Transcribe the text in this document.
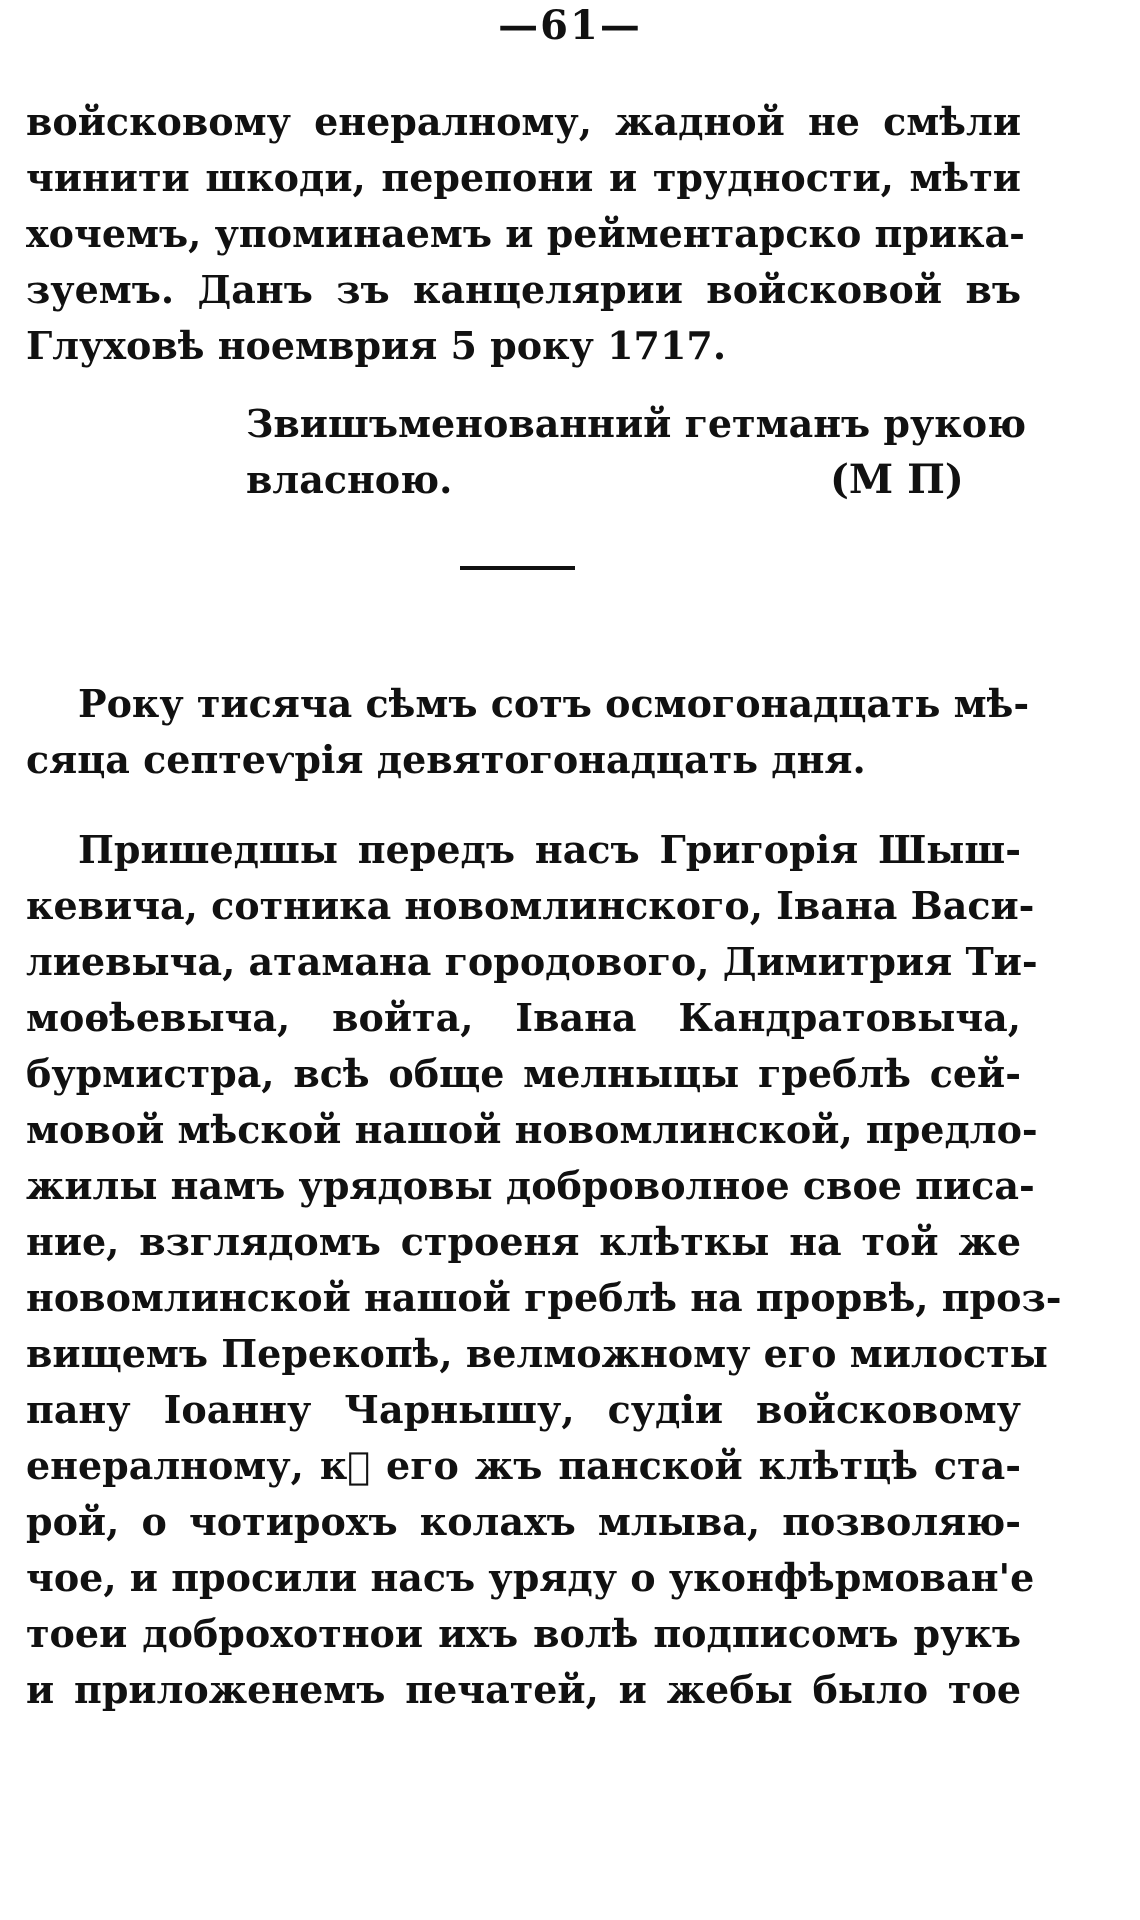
—61—

войсковому енералному, жадной не смѣли

чинити шкоди, перепони и трудности, мѣти

хочемъ, упоминаемъ и рейментарско прика-

зуемъ. Данъ зъ канцелярии войсковой въ

Глуховѣ ноемврия 5 року 1717.

Звишъменованний гетманъ рукою

власною.	(М П)

Року тисяча сѣмъ сотъ осмогонадцать мѣ-

сяца септеѵрія девятогонадцать дня.

Пришедшы передъ насъ Григорія Шыш-

кевича, сотника новомлинского, Івана Васи-

лиевыча, атамана городового, Димитрия Ти-

моѳѣевыча, войта, Івана Кандратовыча,

бурмистра, всѣ обще мелныцы греблѣ сей-

мовой мѣской нашой новомлинской, предло-

жилы намъ урядовы доброволное свое писа-

ние, взглядомъ строеня клѣткы на той же

новомлинской нашой греблѣ на прорвѣ, проз-

вищемъ Перекопѣ, велможному его милосты

пану Іоанну Чарнышу, судіи войсковому

енералному, к᷎ его жъ панской клѣтцѣ ста-

рой, о чотирохъ колахъ млыва, позволяю-

чое, и просили насъ уряду о уконфѣрмован'е

тоеи доброхотнои ихъ волѣ подписомъ рукъ

и приложенемъ печатей, и жебы было тое
